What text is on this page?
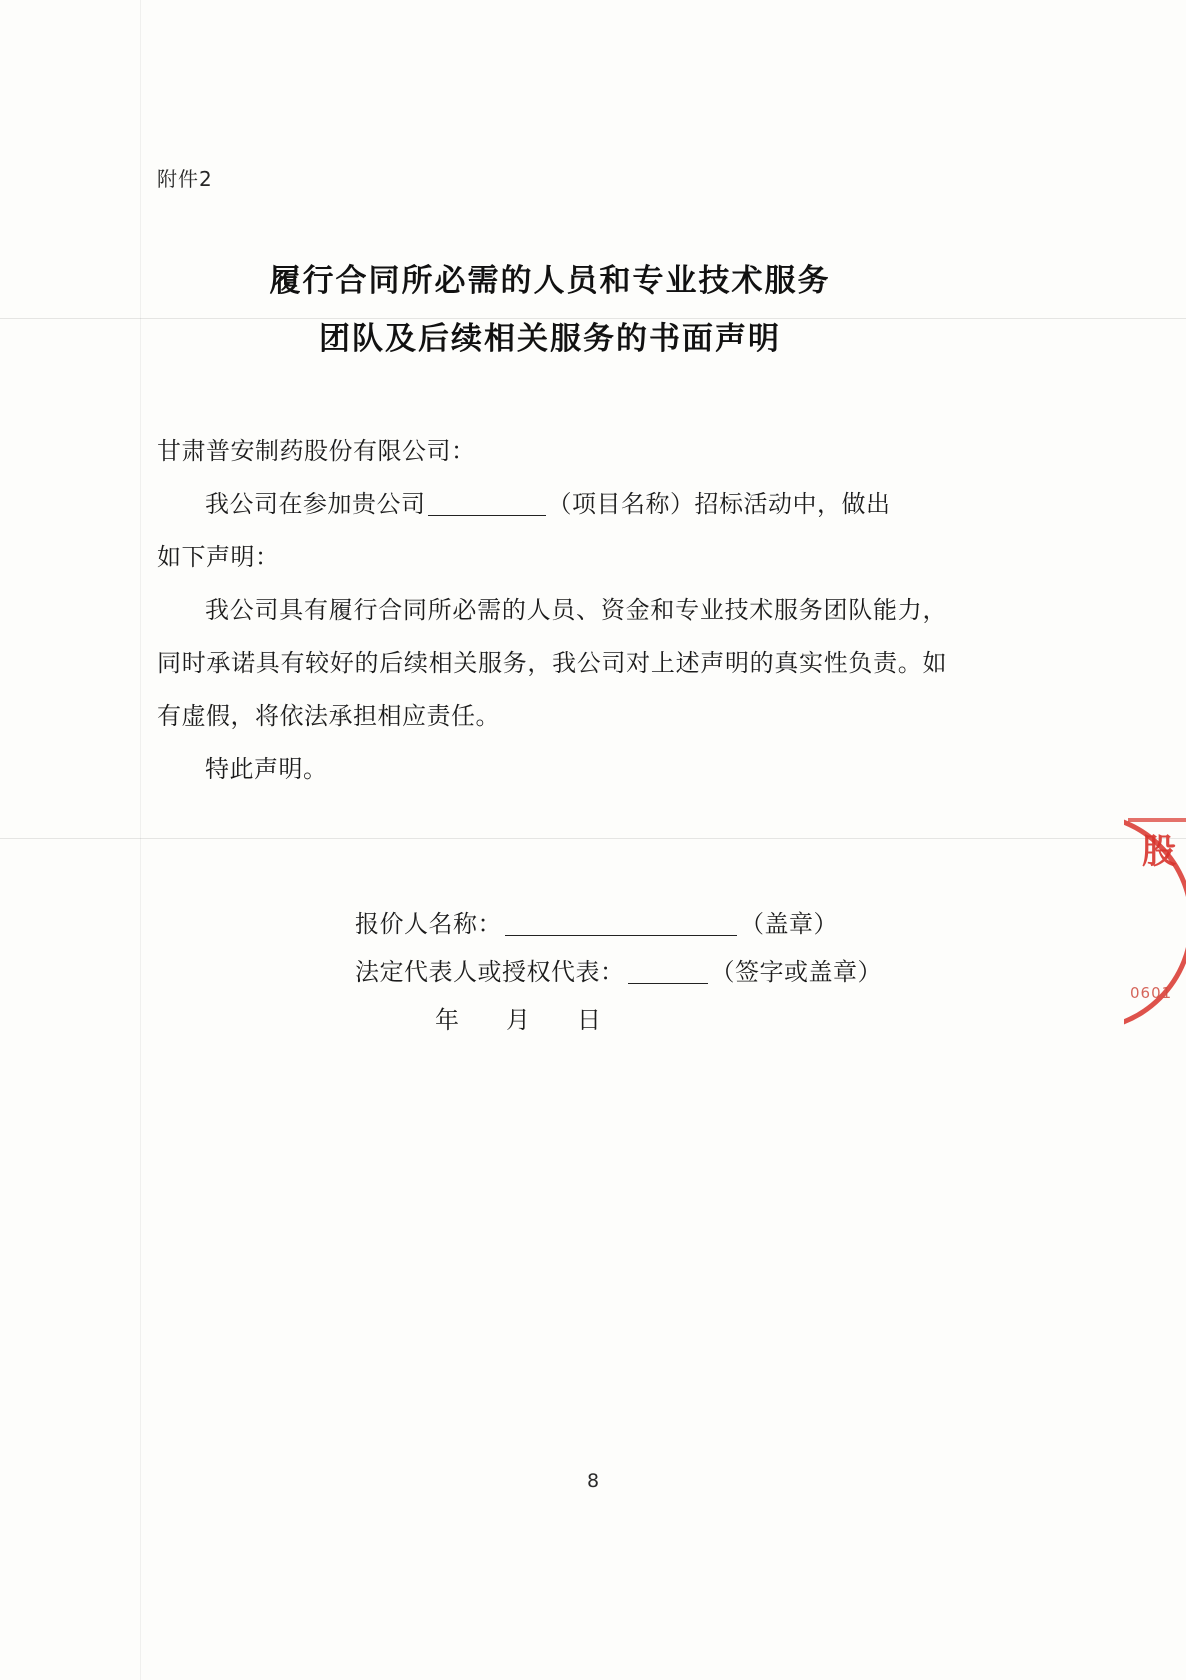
附件2
履行合同所必需的人员和专业技术服务
团队及后续相关服务的书面声明
甘肃普安制药股份有限公司：
我公司在参加贵公司	（项目名称）招标活动中，做出
如下声明：
我公司具有履行合同所必需的人员、资金和专业技术服务团队能力，同时承诺具有较好的后续相关服务，我公司对上述声明的真实性负责。如有虚假，将依法承担相应责任。
特此声明。
报价人名称：	（盖章）
法定代表人或授权代表：	（签字或盖章）
年 月 日
股
0601
8
